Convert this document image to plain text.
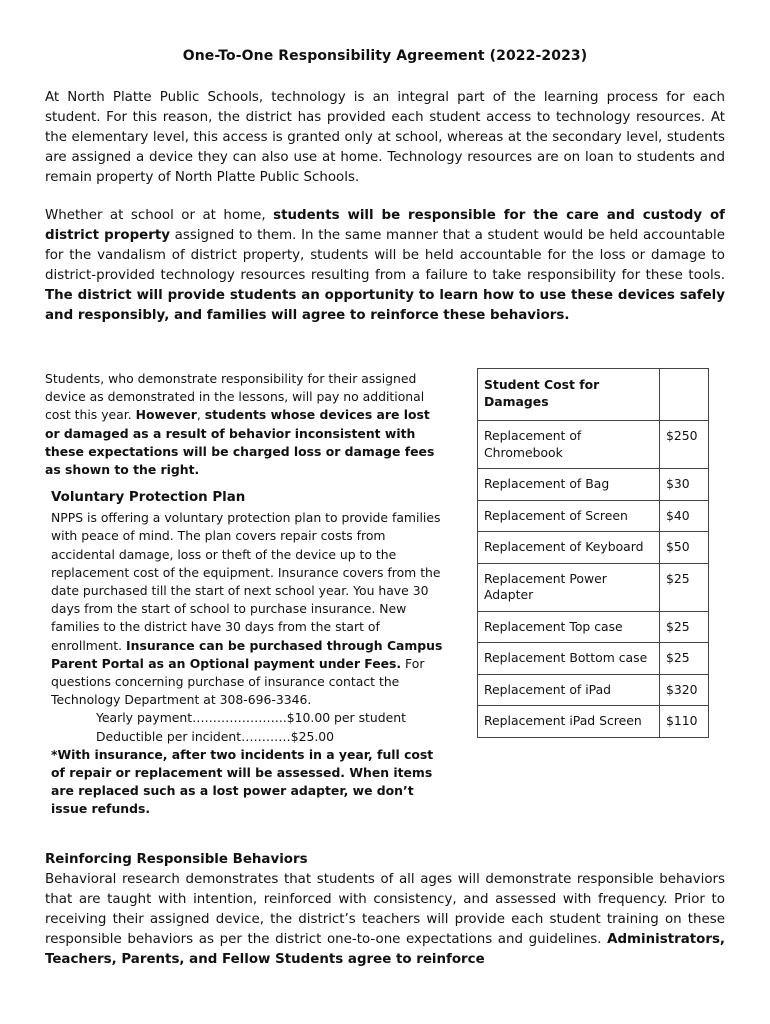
One-To-One Responsibility Agreement (2022-2023)

At North Platte Public Schools, technology is an integral part of the learning process for each student. For this reason, the district has provided each student access to technology resources. At the elementary level, this access is granted only at school, whereas at the secondary level, students are assigned a device they can also use at home. Technology resources are on loan to students and remain property of North Platte Public Schools.

Whether at school or at home, students will be responsible for the care and custody of district property assigned to them. In the same manner that a student would be held accountable for the vandalism of district property, students will be held accountable for the loss or damage to district-provided technology resources resulting from a failure to take responsibility for these tools. The district will provide students an opportunity to learn how to use these devices safely and responsibly, and families will agree to reinforce these behaviors.

Students, who demonstrate responsibility for their assigned device as demonstrated in the lessons, will pay no additional cost this year. However, students whose devices are lost or damaged as a result of behavior inconsistent with these expectations will be charged loss or damage fees as shown to the right.

Voluntary Protection Plan

NPPS is offering a voluntary protection plan to provide families with peace of mind. The plan covers repair costs from accidental damage, loss or theft of the device up to the replacement cost of the equipment. Insurance covers from the date purchased till the start of next school year. You have 30 days from the start of school to purchase insurance. New families to the district have 30 days from the start of enrollment. Insurance can be purchased through Campus Parent Portal as an Optional payment under Fees. For questions concerning purchase of insurance contact the Technology Department at 308-696-3346.

Yearly payment…………………..$10.00 per student

Deductible per incident…………$25.00

*With insurance, after two incidents in a year, full cost of repair or replacement will be assessed. When items are replaced such as a lost power adapter, we don’t issue refunds.

Student Cost for Damages	
Replacement of Chromebook	$250
Replacement of Bag	$30
Replacement of Screen	$40
Replacement of Keyboard	$50
Replacement Power Adapter	$25
Replacement Top case	$25
Replacement Bottom case	$25
Replacement of iPad	$320
Replacement iPad Screen	$110
Reinforcing Responsible Behaviors

Behavioral research demonstrates that students of all ages will demonstrate responsible behaviors that are taught with intention, reinforced with consistency, and assessed with frequency. Prior to receiving their assigned device, the district’s teachers will provide each student training on these responsible behaviors as per the district one-to-one expectations and guidelines. Administrators, Teachers, Parents, and Fellow Students agree to reinforce
